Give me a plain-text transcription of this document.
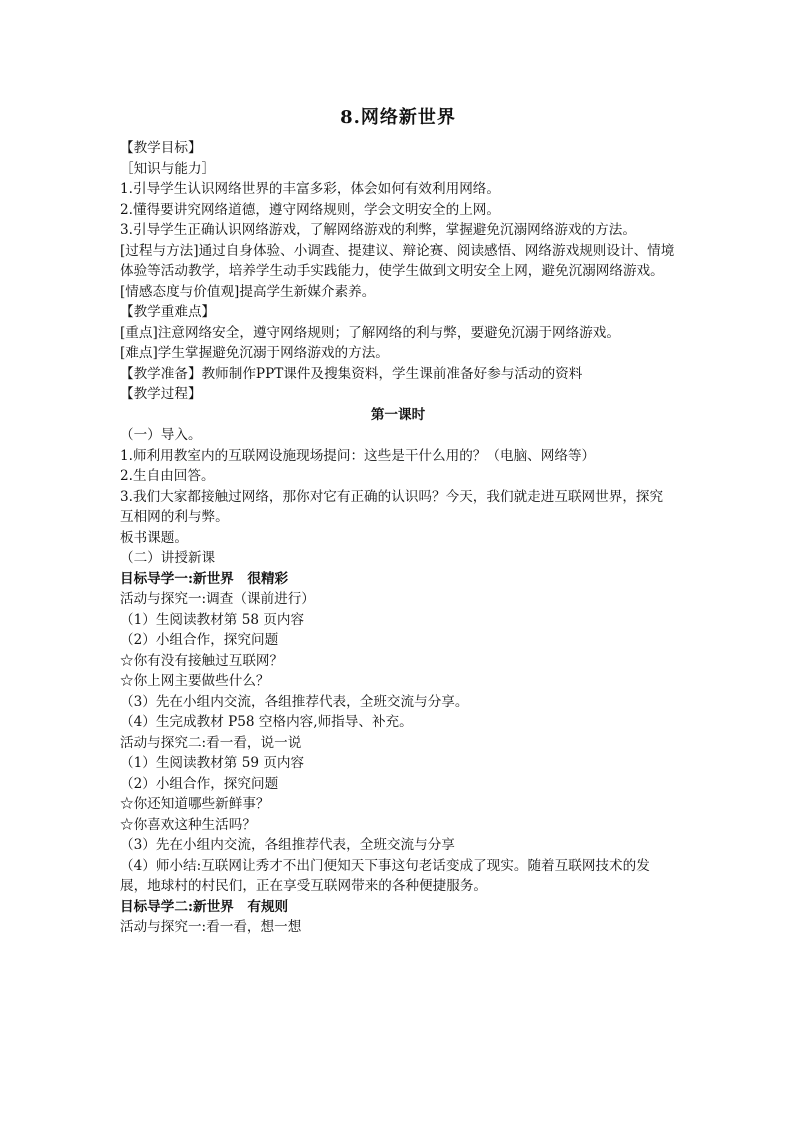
8.网络新世界

【教学目标】

［知识与能力］

1.引导学生认识网络世界的丰富多彩，体会如何有效利用网络。

2.懂得要讲究网络道德，遵守网络规则，学会文明安全的上网。

3.引导学生正确认识网络游戏，了解网络游戏的利弊，掌握避免沉溺网络游戏的方法。

[过程与方法]通过自身体验、小调查、提建议、辩论赛、阅读感悟、网络游戏规则设计、情境体验等活动教学，培养学生动手实践能力，使学生做到文明安全上网，避免沉溺网络游戏。

[情感态度与价值观]提高学生新媒介素养。

【教学重难点】

[重点]注意网络安全，遵守网络规则；了解网络的利与弊，要避免沉溺于网络游戏。

[难点]学生掌握避免沉溺于网络游戏的方法。

【教学准备】教师制作PPT课件及搜集资料，学生课前准备好参与活动的资料

【教学过程】

第一课时

（一）导入。

1.师利用教室内的互联网设施现场提问：这些是干什么用的？（电脑、网络等）

2.生自由回答。

3.我们大家都接触过网络，那你对它有正确的认识吗？今天，我们就走进互联网世界，探究互相网的利与弊。

板书课题。

（二）讲授新课

目标导学一:新世界　很精彩

活动与探究一:调查（课前进行）

（1）生阅读教材第 58 页内容

（2）小组合作，探究问题

☆你有没有接触过互联网？

☆你上网主要做些什么？

（3）先在小组内交流，各组推荐代表，全班交流与分享。

（4）生完成教材 P58 空格内容,师指导、补充。

活动与探究二:看一看，说一说

（1）生阅读教材第 59 页内容

（2）小组合作，探究问题

☆你还知道哪些新鲜事？

☆你喜欢这种生活吗？

（3）先在小组内交流，各组推荐代表，全班交流与分享

（4）师小结:互联网让秀才不出门便知天下事这句老话变成了现实。随着互联网技术的发展，地球村的村民们，正在享受互联网带来的各种便捷服务。

目标导学二:新世界　有规则

活动与探究一:看一看，想一想
